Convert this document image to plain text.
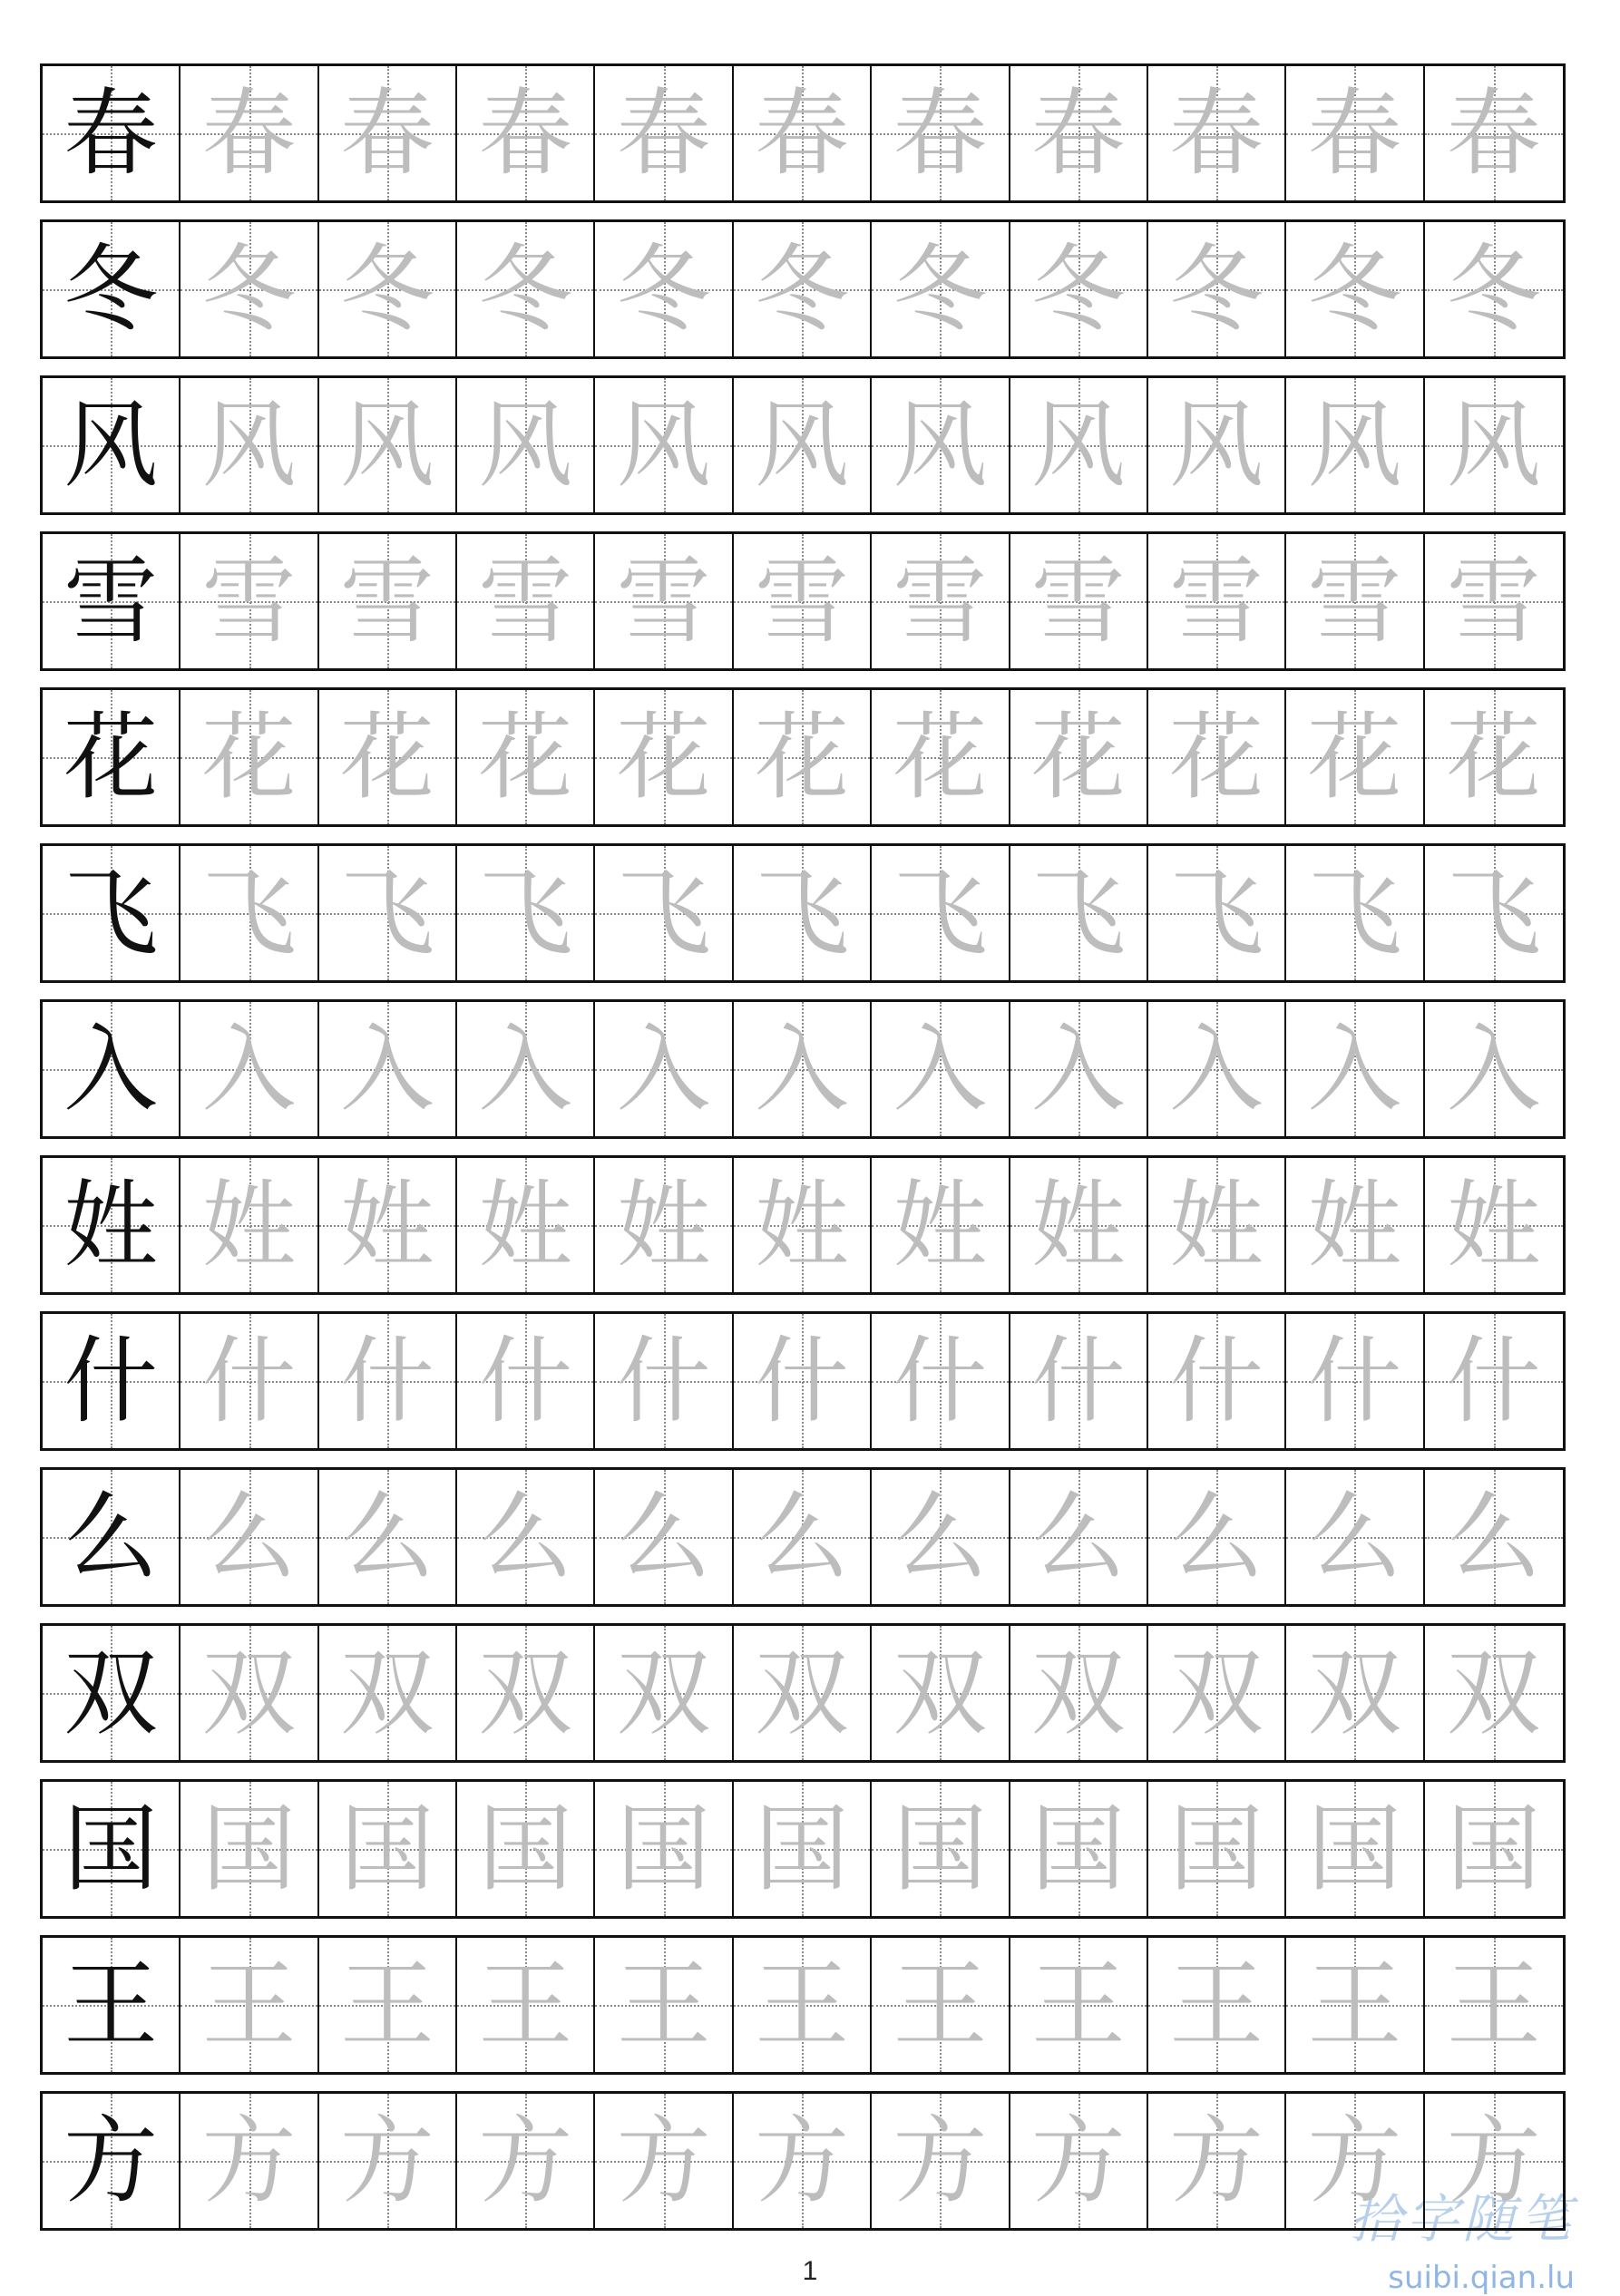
1
拾字随笔
suibi.qian.lu
春 春 春 春 春 春 春 春 春 春 春
冬 冬 冬 冬 冬 冬 冬 冬 冬 冬 冬
风 风 风 风 风 风 风 风 风 风 风
雪 雪 雪 雪 雪 雪 雪 雪 雪 雪 雪
花 花 花 花 花 花 花 花 花 花 花
飞 飞 飞 飞 飞 飞 飞 飞 飞 飞 飞
入 入 入 入 入 入 入 入 入 入 入
姓 姓 姓 姓 姓 姓 姓 姓 姓 姓 姓
什 什 什 什 什 什 什 什 什 什 什
么 么 么 么 么 么 么 么 么 么 么
双 双 双 双 双 双 双 双 双 双 双
国 国 国 国 国 国 国 国 国 国 国
王 王 王 王 王 王 王 王 王 王 王
方 方 方 方 方 方 方 方 方 方 方
